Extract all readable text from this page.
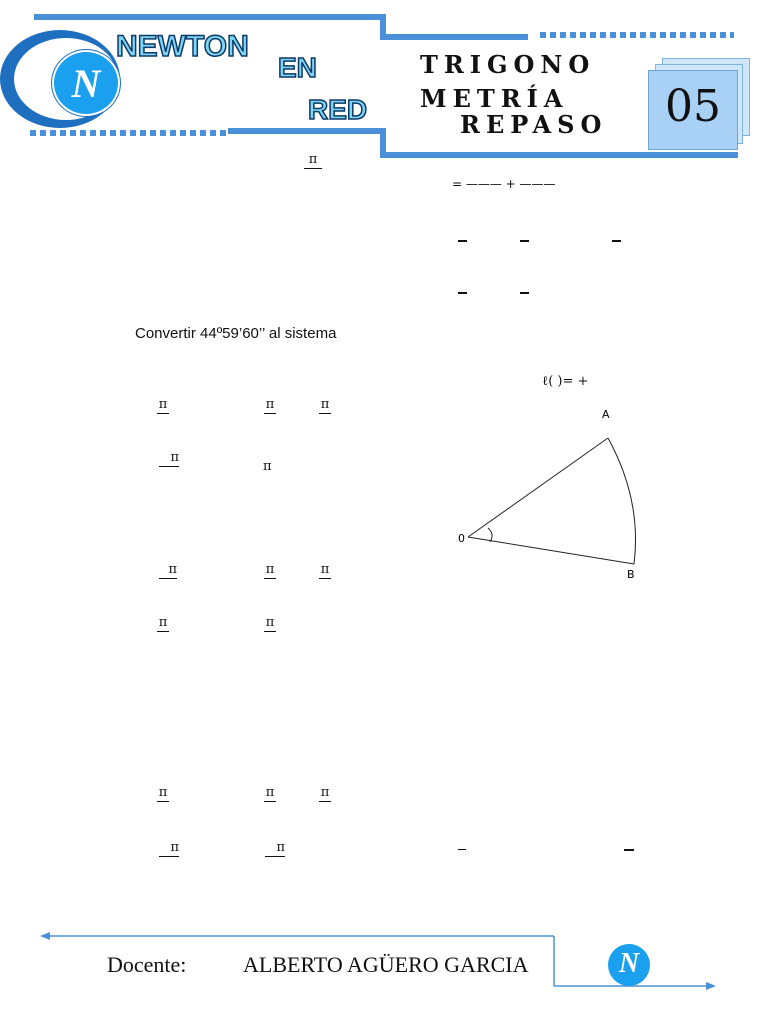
N
NEWTON
EN
RED
TRIGONO
METRÍA
REPASO	05
π
= ——— + ———
Convertir 44º59’60’’ al sistema
ℓ( )= +
π	π	π
π
π
π	π	π
π	π
π	π	π
π	π
A
0
B
Docente:	ALBERTO AGÜERO GARCIA	N
